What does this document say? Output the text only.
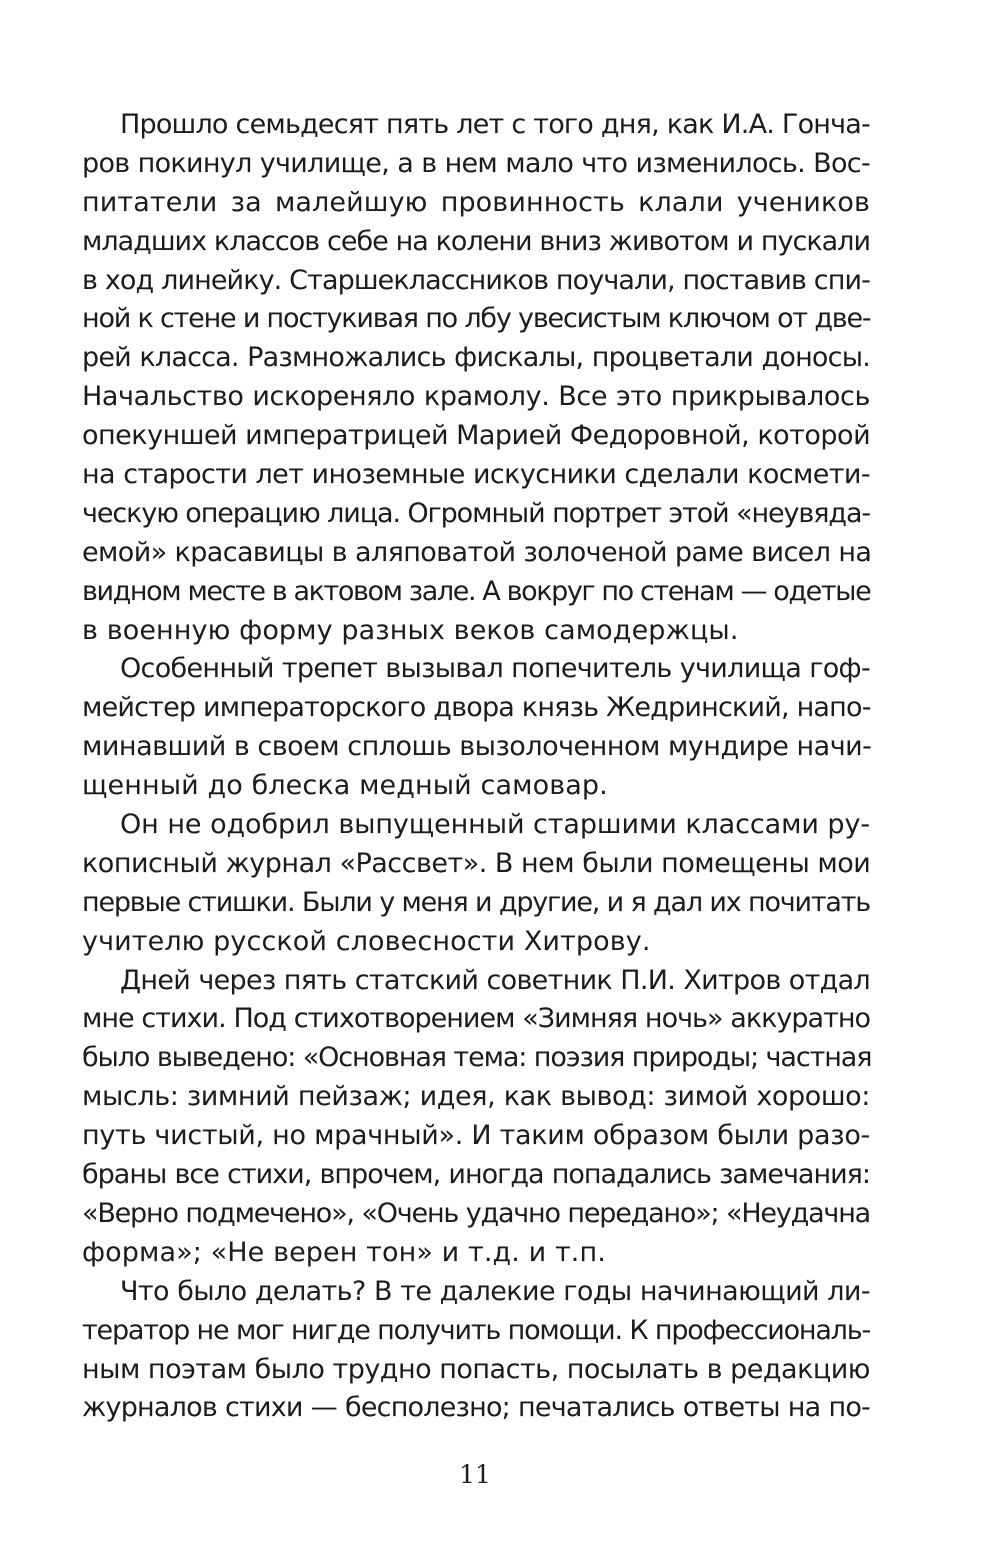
Прошло семьдесят пять лет с того дня, как И.А. Гонча-
ров покинул училище, а в нем мало что изменилось. Вос-
питатели за малейшую провинность клали учеников
младших классов себе на колени вниз животом и пускали
в ход линейку. Старшеклассников поучали, поставив спи-
ной к стене и постукивая по лбу увесистым ключом от две-
рей класса. Размножались фискалы, процветали доносы.
Начальство искореняло крамолу. Все это прикрывалось
опекуншей императрицей Марией Федоровной, которой
на старости лет иноземные искусники сделали космети-
ческую операцию лица. Огромный портрет этой «неувяда-
емой» красавицы в аляповатой золоченой раме висел на
видном месте в актовом зале. А вокруг по стенам — одетые
в военную форму разных веков самодержцы.
Особенный трепет вызывал попечитель училища гоф-
мейстер императорского двора князь Жедринский, напо-
минавший в своем сплошь вызолоченном мундире начи-
щенный до блеска медный самовар.
Он не одобрил выпущенный старшими классами ру-
кописный журнал «Рассвет». В нем были помещены мои
первые стишки. Были у меня и другие, и я дал их почитать
учителю русской словесности Хитрову.
Дней через пять статский советник П.И. Хитров отдал
мне стихи. Под стихотворением «Зимняя ночь» аккуратно
было выведено: «Основная тема: поэзия природы; частная
мысль: зимний пейзаж; идея, как вывод: зимой хорошо:
путь чистый, но мрачный». И таким образом были разо-
браны все стихи, впрочем, иногда попадались замечания:
«Верно подмечено», «Очень удачно передано»; «Неудачна
форма»; «Не верен тон» и т.д. и т.п.
Что было делать? В те далекие годы начинающий ли-
тератор не мог нигде получить помощи. К профессиональ-
ным поэтам было трудно попасть, посылать в редакцию
журналов стихи — бесполезно; печатались ответы на по-
11
